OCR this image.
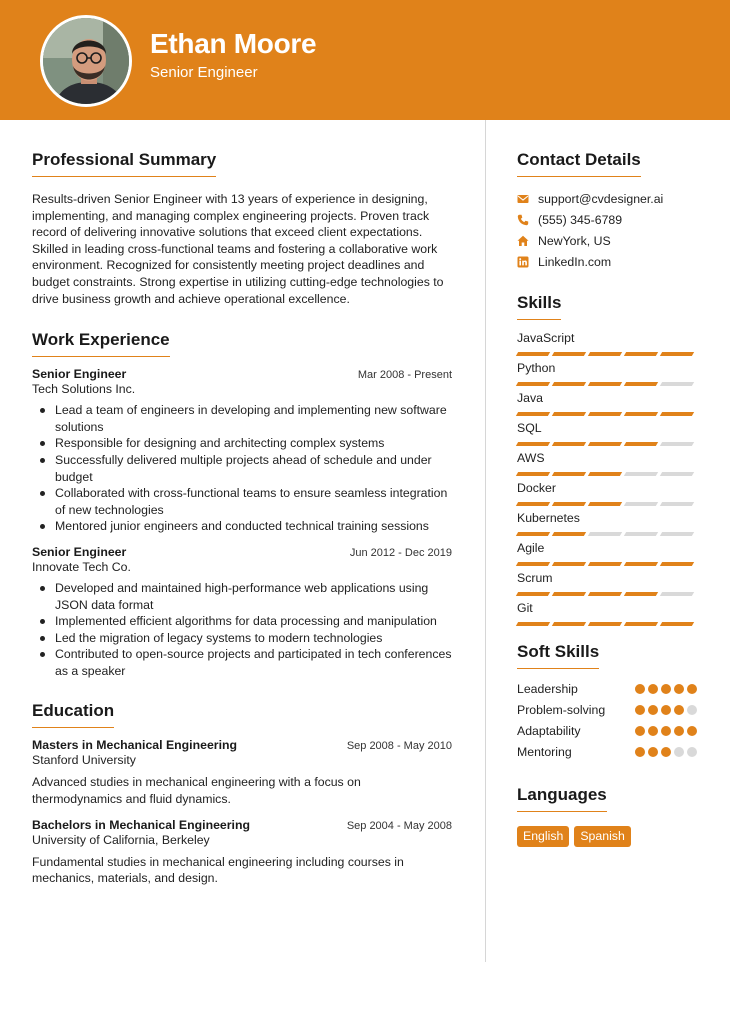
Ethan Moore
Senior Engineer
Professional Summary

Results-driven Senior Engineer with 13 years of experience in designing, implementing, and managing complex engineering projects. Proven track record of delivering innovative solutions that exceed client expectations. Skilled in leading cross-functional teams and fostering a collaborative work environment. Recognized for consistently meeting project deadlines and budget constraints. Strong expertise in utilizing cutting-edge technologies to drive business growth and achieve operational excellence.

Work Experience
Senior Engineer	Mar 2008 - Present
Tech Solutions Inc.
Lead a team of engineers in developing and implementing new software solutions
Responsible for designing and architecting complex systems
Successfully delivered multiple projects ahead of schedule and under budget
Collaborated with cross-functional teams to ensure seamless integration of new technologies
Mentored junior engineers and conducted technical training sessions
Senior Engineer	Jun 2012 - Dec 2019
Innovate Tech Co.
Developed and maintained high-performance web applications using JSON data format
Implemented efficient algorithms for data processing and manipulation
Led the migration of legacy systems to modern technologies
Contributed to open-source projects and participated in tech conferences as a speaker
Education
Masters in Mechanical Engineering	Sep 2008 - May 2010
Stanford University

Advanced studies in mechanical engineering with a focus on thermodynamics and fluid dynamics.

Bachelors in Mechanical Engineering	Sep 2004 - May 2008
University of California, Berkeley

Fundamental studies in mechanical engineering including courses in mechanics, materials, and design.

Contact Details
support@cvdesigner.ai
(555) 345-6789
NewYork, US
LinkedIn.com
Skills
JavaScript
Python
Java
SQL
AWS
Docker
Kubernetes
Agile
Scrum
Git
Soft Skills
Leadership
Problem-solving
Adaptability
Mentoring
Languages
English	Spanish
